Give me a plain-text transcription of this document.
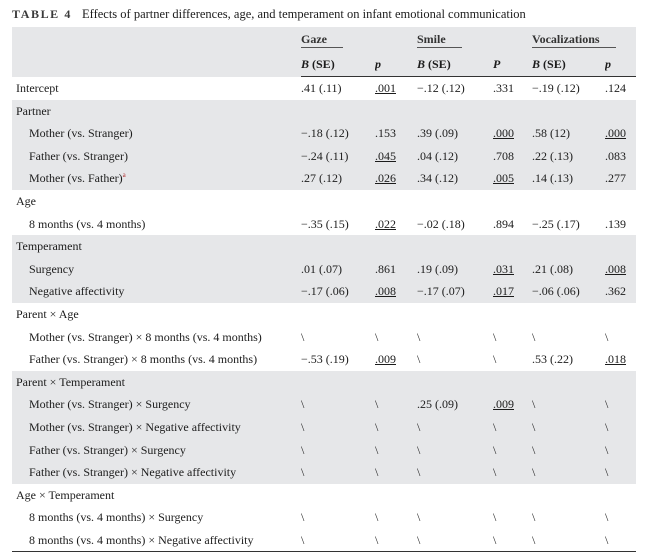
TABLE 4 Effects of partner differences, age, and temperament on infant emotional communication
	Gaze		Smile		Vocalizations	
	B (SE)	p	B (SE)	P	B (SE)	p
Intercept	.41 (.11)	.001	−.12 (.12)	.331	−.19 (.12)	.124
Partner						
Mother (vs. Stranger)	−.18 (.12)	.153	.39 (.09)	.000	.58 (12)	.000
Father (vs. Stranger)	−.24 (.11)	.045	.04 (.12)	.708	.22 (.13)	.083
Mother (vs. Father)$^a$	.27 (.12)	.026	.34 (.12)	.005	.14 (.13)	.277
Age						
8 months (vs. 4 months)	−.35 (.15)	.022	−.02 (.18)	.894	−.25 (.17)	.139
Temperament						
Surgency	.01 (.07)	.861	.19 (.09)	.031	.21 (.08)	.008
Negative affectivity	−.17 (.06)	.008	−.17 (.07)	.017	−.06 (.06)	.362
Parent × Age						
Mother (vs. Stranger) × 8 months (vs. 4 months)	\	\	\	\	\	\
Father (vs. Stranger) × 8 months (vs. 4 months)	−.53 (.19)	.009	\	\	.53 (.22)	.018
Parent × Temperament						
Mother (vs. Stranger) × Surgency	\	\	.25 (.09)	.009	\	\
Mother (vs. Stranger) × Negative affectivity	\	\	\	\	\	\
Father (vs. Stranger) × Surgency	\	\	\	\	\	\
Father (vs. Stranger) × Negative affectivity	\	\	\	\	\	\
Age × Temperament						
8 months (vs. 4 months) × Surgency	\	\	\	\	\	\
8 months (vs. 4 months) × Negative affectivity	\	\	\	\	\	\
